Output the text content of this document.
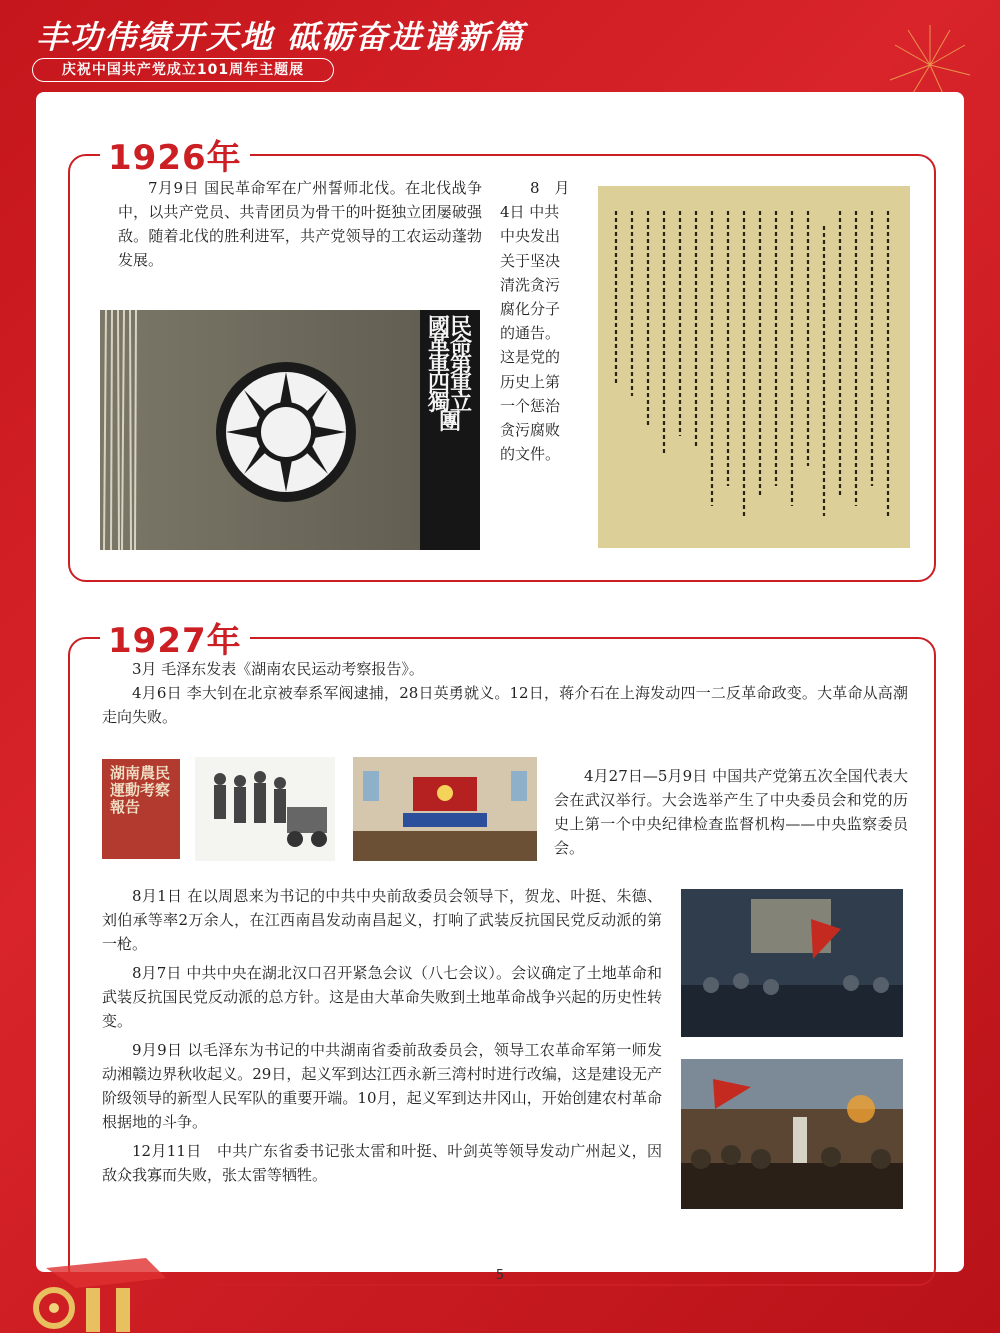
丰功伟绩开天地 砥砺奋进谱新篇
庆祝中国共产党成立101周年主题展
1926年

7月9日 国民革命军在广州誓师北伐。在北伐战争中，以共产党员、共青团员为骨干的叶挺独立团屡破强敌。随着北伐的胜利进军，共产党领导的工农运动蓬勃发展。

國民革命軍第四軍獨立團
8　月
4日 中共
中央发出
关于坚决
清洗贪污
腐化分子
的通告。
这是党的
历史上第
一个惩治
贪污腐败
的文件。
1927年

3月 毛泽东发表《湖南农民运动考察报告》。

4月6日 李大钊在北京被奉系军阀逮捕，28日英勇就义。12日，蒋介石在上海发动四一二反革命政变。大革命从高潮走向失败。

湖南農民運動考察報告

4月27日—5月9日 中国共产党第五次全国代表大会在武汉举行。大会选举产生了中央委员会和党的历史上第一个中央纪律检查监督机构——中央监察委员会。

8月1日 在以周恩来为书记的中共中央前敌委员会领导下，贺龙、叶挺、朱德、刘伯承等率2万余人，在江西南昌发动南昌起义，打响了武装反抗国民党反动派的第一枪。

8月7日 中共中央在湖北汉口召开紧急会议（八七会议）。会议确定了土地革命和武装反抗国民党反动派的总方针。这是由大革命失败到土地革命战争兴起的历史性转变。

9月9日 以毛泽东为书记的中共湖南省委前敌委员会，领导工农革命军第一师发动湘赣边界秋收起义。29日，起义军到达江西永新三湾村时进行改编，这是建设无产阶级领导的新型人民军队的重要开端。10月，起义军到达井冈山，开始创建农村革命根据地的斗争。

12月11日　中共广东省委书记张太雷和叶挺、叶剑英等领导发动广州起义，因敌众我寡而失败，张太雷等牺牲。

5
